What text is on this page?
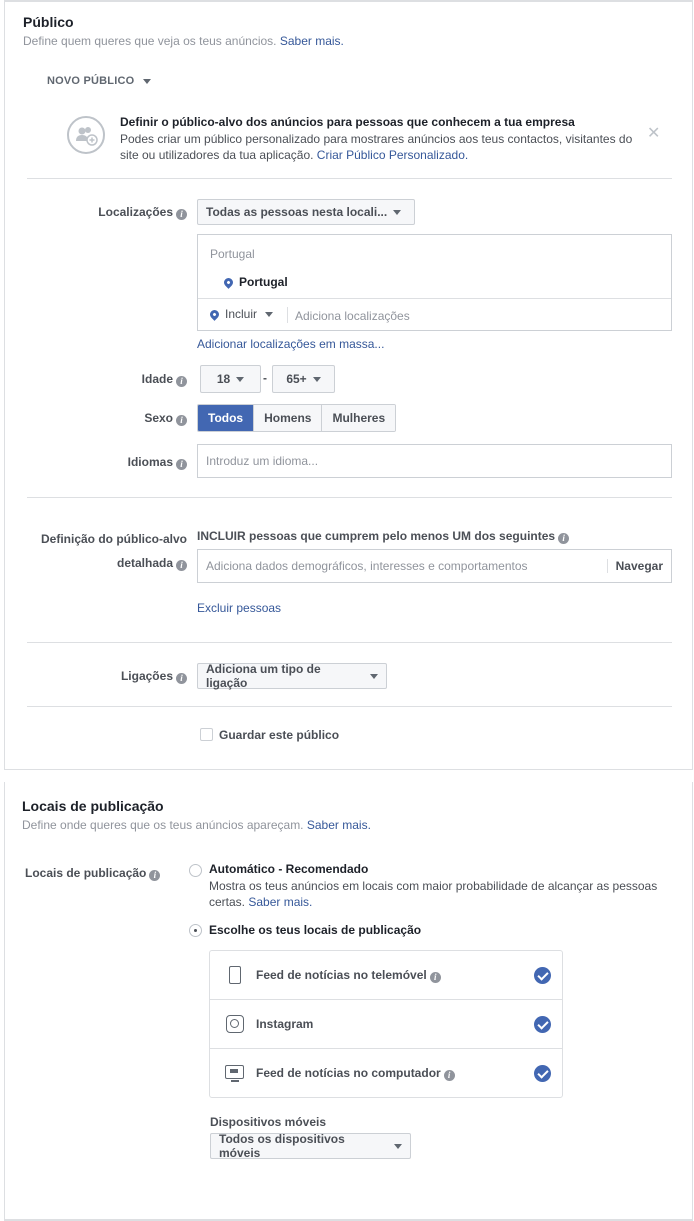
Público
Define quem queres que veja os teus anúncios. Saber mais.
NOVO PÚBLICO
Definir o público-alvo dos anúncios para pessoas que conhecem a tua empresa
Podes criar um público personalizado para mostrares anúncios aos teus contactos, visitantes do site ou utilizadores da tua aplicação. Criar Público Personalizado.
✕
Localizações i	Todas as pessoas nesta locali...
Portugal
Portugal
Incluir	Adiciona localizações
Adicionar localizações em massa...
Idade i	18	- 65+
Sexo i	Todos	Homens	Mulheres
Idiomas i	Introduz um idioma...
Definição do público-alvo
detalhada i
INCLUIR pessoas que cumprem pelo menos UM dos seguintes i
Adiciona dados demográficos, interesses e comportamentos	Navegar
Excluir pessoas
Ligações i
Adiciona um tipo de ligação
Guardar este público
Locais de publicação
Define onde queres que os teus anúncios apareçam. Saber mais.
Locais de publicação i	Automático - Recomendado
Mostra os teus anúncios em locais com maior probabilidade de alcançar as pessoas certas. Saber mais.
Escolhe os teus locais de publicação
Feed de notícias no telemóvel i
Instagram
Feed de notícias no computador i
Dispositivos móveis
Todos os dispositivos móveis
